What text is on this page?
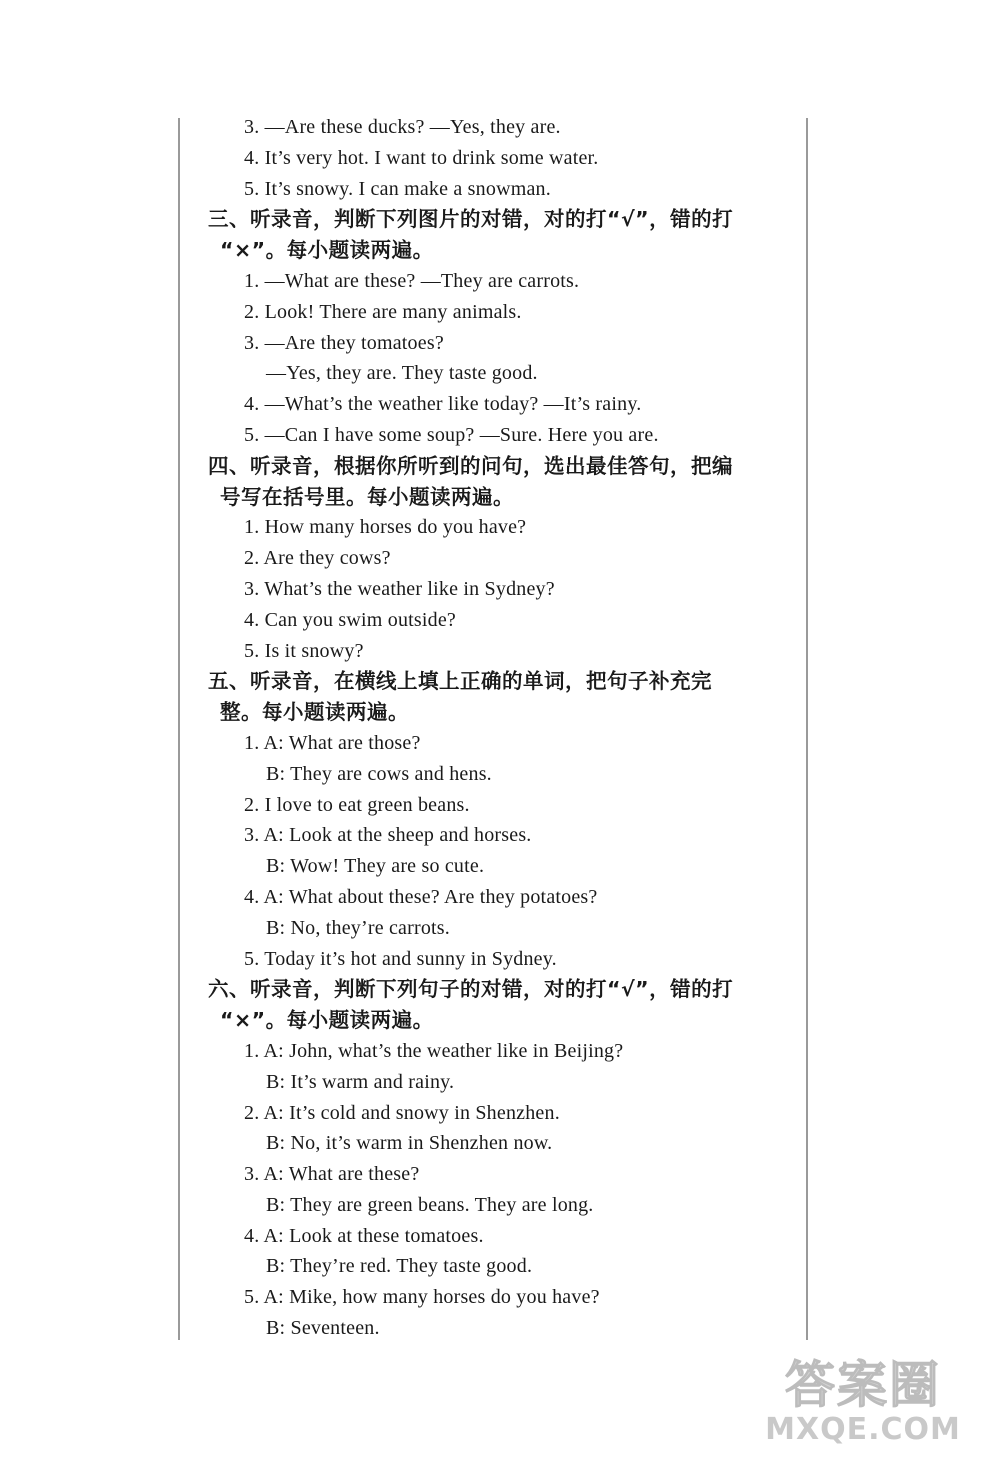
3. —Are these ducks? —Yes, they are.
4. It’s very hot. I want to drink some water.
5. It’s snowy. I can make a snowman.
三、听录音，判断下列图片的对错，对的打“√”，错的打
“×”。每小题读两遍。
1. —What are these? —They are carrots.
2. Look! There are many animals.
3. —Are they tomatoes?
—Yes, they are. They taste good.
4. —What’s the weather like today? —It’s rainy.
5. —Can I have some soup? —Sure. Here you are.
四、听录音，根据你所听到的问句，选出最佳答句，把编
号写在括号里。每小题读两遍。
1. How many horses do you have?
2. Are they cows?
3. What’s the weather like in Sydney?
4. Can you swim outside?
5. Is it snowy?
五、听录音，在横线上填上正确的单词，把句子补充完
整。每小题读两遍。
1. A: What are those?
B: They are cows and hens.
2. I love to eat green beans.
3. A: Look at the sheep and horses.
B: Wow! They are so cute.
4. A: What about these? Are they potatoes?
B: No, they’re carrots.
5. Today it’s hot and sunny in Sydney.
六、听录音，判断下列句子的对错，对的打“√”，错的打
“×”。每小题读两遍。
1. A: John, what’s the weather like in Beijing?
B: It’s warm and rainy.
2. A: It’s cold and snowy in Shenzhen.
B: No, it’s warm in Shenzhen now.
3. A: What are these?
B: They are green beans. They are long.
4. A: Look at these tomatoes.
B: They’re red. They taste good.
5. A: Mike, how many horses do you have?
B: Seventeen.
答案圈
MXQE.COM
